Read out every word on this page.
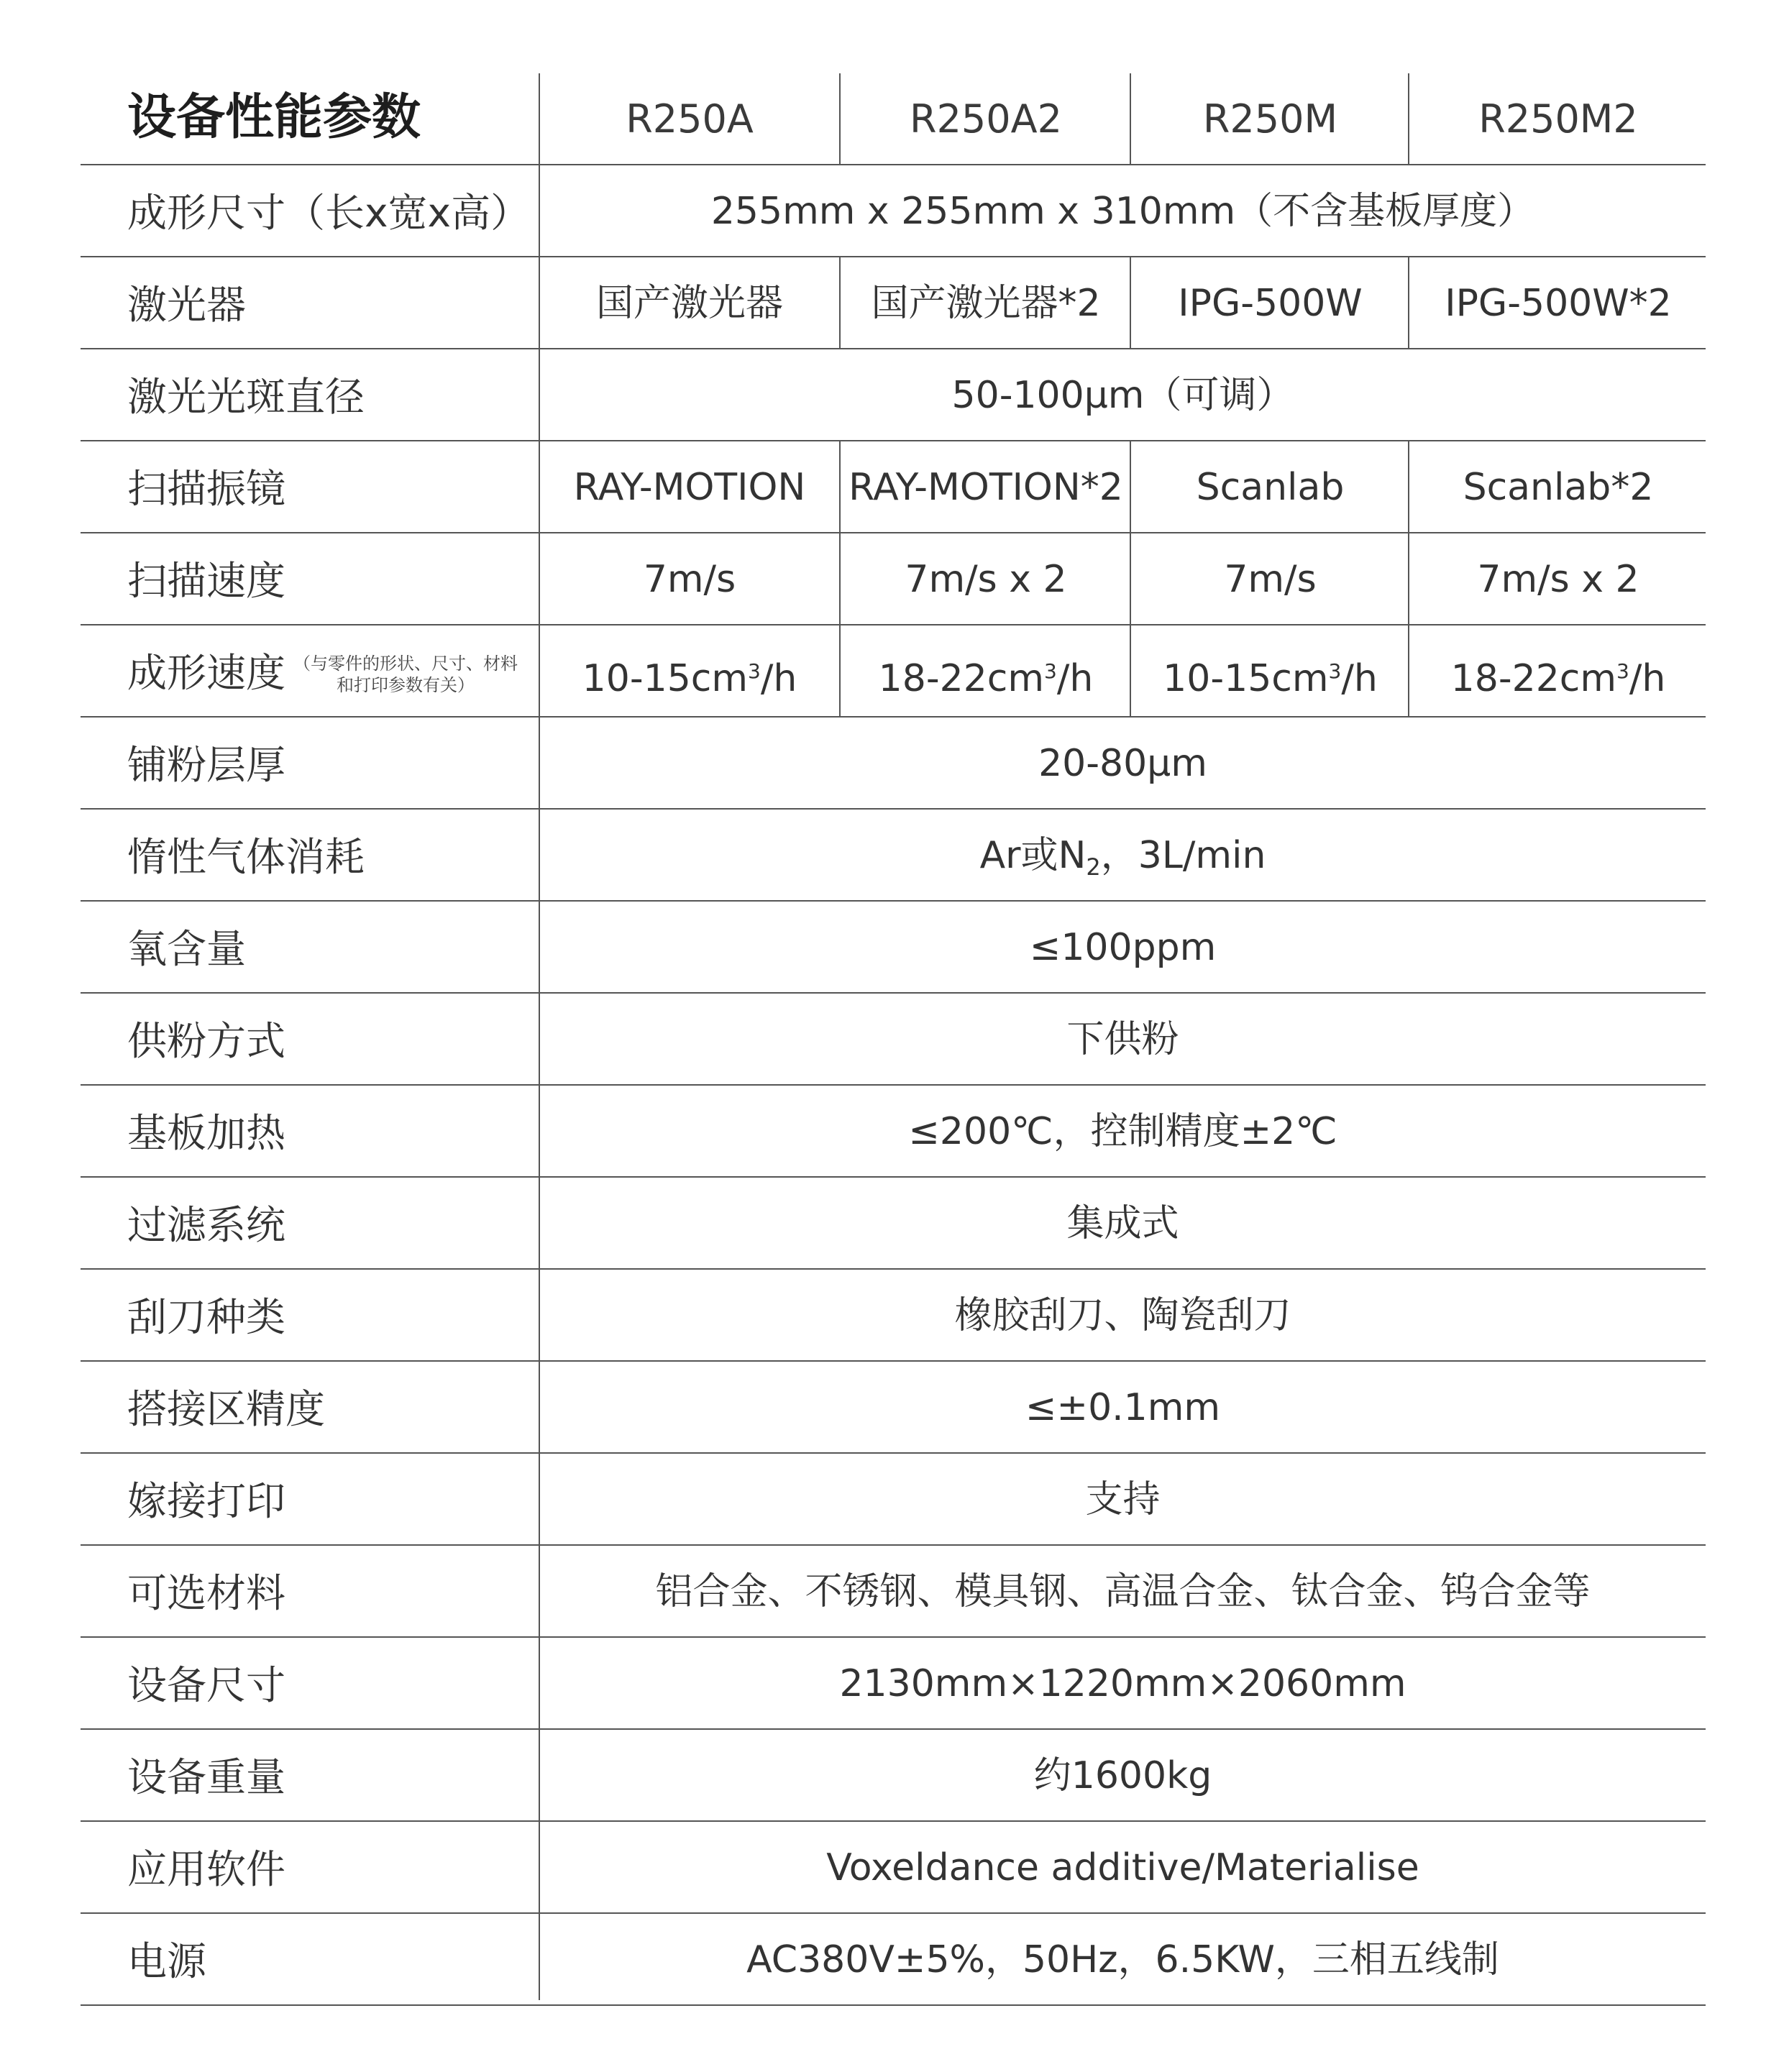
设备性能参数	R250A	R250A2	R250M	R250M2
成形尺寸（长x宽x高）	255mm x 255mm x 310mm（不含基板厚度）
激光器	国产激光器	国产激光器*2	IPG-500W	IPG-500W*2
激光光斑直径	50-100μm（可调）
扫描振镜	RAY-MOTION	RAY-MOTION*2	Scanlab	Scanlab*2
扫描速度	7m/s	7m/s x 2	7m/s	7m/s x 2
成形速度 （与零件的形状、尺寸、材料和打印参数有关）	$10-15cm^3/h$	$18-22cm^3/h$	$10-15cm^3/h$	$18-22cm^3/h$
铺粉层厚	20-80μm
惰性气体消耗	Ar或$N_2$，3L/min
氧含量	≤100ppm
供粉方式	下供粉
基板加热	≤200℃，控制精度±2℃
过滤系统	集成式
刮刀种类	橡胶刮刀、陶瓷刮刀
搭接区精度	≤±0.1mm
嫁接打印	支持
可选材料	铝合金、不锈钢、模具钢、高温合金、钛合金、钨合金等
设备尺寸	2130mm×1220mm×2060mm
设备重量	约1600kg
应用软件	Voxeldance additive/Materialise
电源	AC380V±5%，50Hz，6.5KW，三相五线制
